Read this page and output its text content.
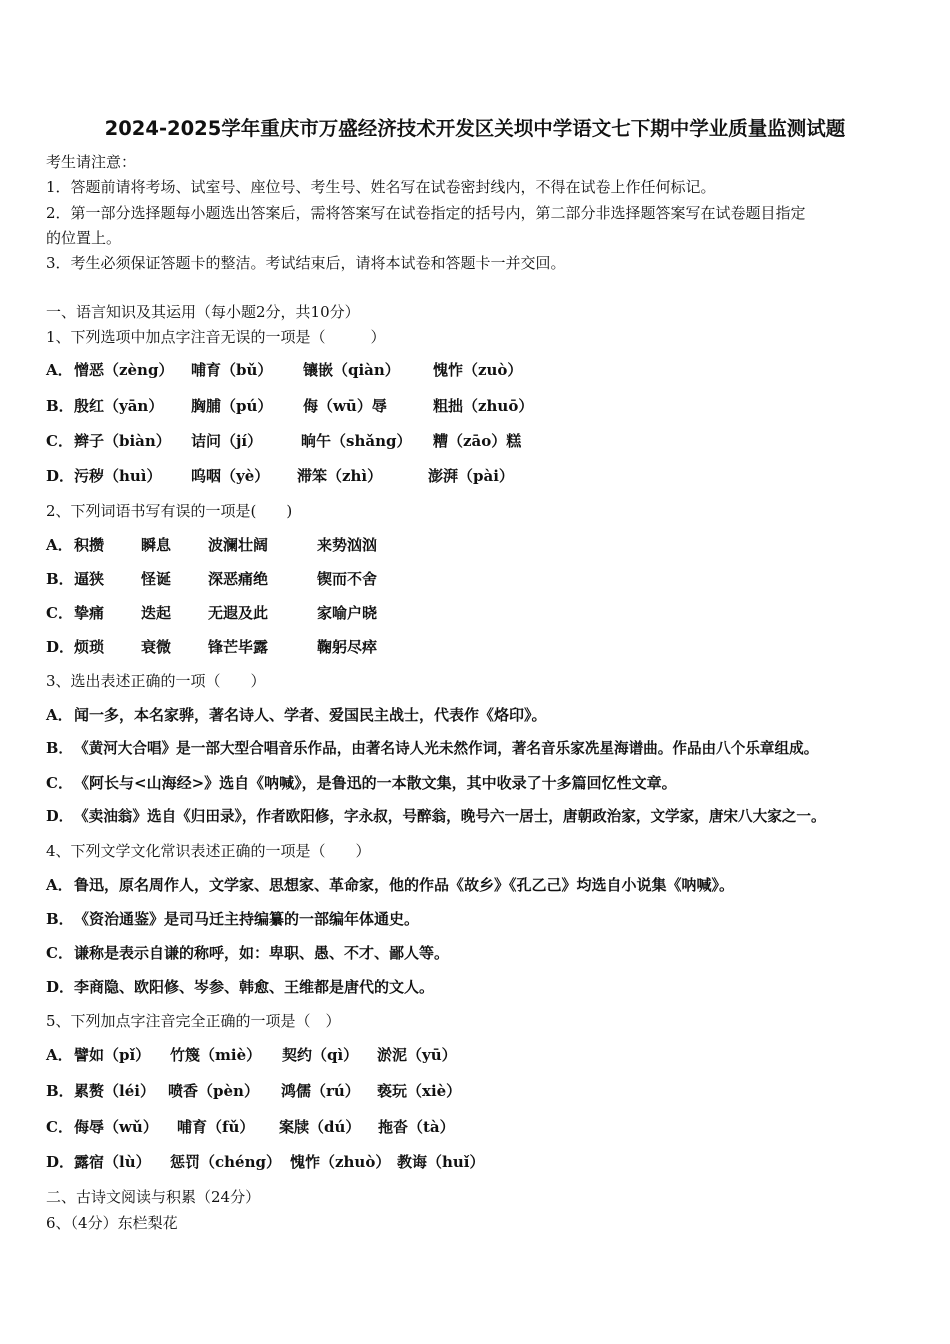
2024-2025学年重庆市万盛经济技术开发区关坝中学语文七下期中学业质量监测试题
考生请注意：
1．答题前请将考场、试室号、座位号、考生号、姓名写在试卷密封线内，不得在试卷上作任何标记。
2．第一部分选择题每小题选出答案后，需将答案写在试卷指定的括号内，第二部分非选择题答案写在试卷题目指定
的位置上。
3．考生必须保证答题卡的整洁。考试结束后，请将本试卷和答题卡一并交回。
一、语言知识及其运用（每小题2分，共10分）
1、下列选项中加点字注音无误的一项是（　　　）
A． 憎恶（zèng） 哺育（bǔ） 镶嵌（qiàn） 愧怍（zuò）
B． 殷红（yān） 胸脯（pú） 侮（wū）辱	粗拙（zhuō）
C． 辫子（biàn） 诘问（jí）	晌午（shǎng） 糟（zāo）糕
D． 污秽（huì） 呜咽（yè） 滞笨（zhì）	澎湃（pài）
2、下列词语书写有误的一项是(　　)
A． 积攒 瞬息 波澜壮阔	来势汹汹
B． 逼狭 怪诞 深恶痛绝	锲而不舍
C． 挚痛 迭起 无遐及此	家喻户晓
D． 烦琐 衰微 锋芒毕露	鞠躬尽瘁
3、选出表述正确的一项（　　）
A．闻一多，本名家骅，著名诗人、学者、爱国民主战士，代表作《烙印》。
B．《黄河大合唱》是一部大型合唱音乐作品，由著名诗人光未然作词，著名音乐家冼星海谱曲。作品由八个乐章组成。
C．《阿长与<山海经>》选自《呐喊》，是鲁迅的一本散文集，其中收录了十多篇回忆性文章。
D．《卖油翁》选自《归田录》，作者欧阳修，字永叔，号醉翁，晚号六一居士，唐朝政治家，文学家，唐宋八大家之一。
4、下列文学文化常识表述正确的一项是（　　）
A．鲁迅，原名周作人，文学家、思想家、革命家，他的作品《故乡》《孔乙己》均选自小说集《呐喊》。
B．《资治通鉴》是司马迁主持编纂的一部编年体通史。
C．谦称是表示自谦的称呼，如：卑职、愚、不才、鄙人等。
D．李商隐、欧阳修、岑参、韩愈、王维都是唐代的文人。
5、下列加点字注音完全正确的一项是（　）
A． 譬如（pǐ） 竹篾（miè） 契约（qì） 淤泥（yū）
B． 累赘（léi） 喷香（pèn） 鸿儒（rú） 亵玩（xiè）
C． 侮辱（wǔ） 哺育（fǔ） 案牍（dú） 拖沓（tà）
D． 露宿（lù） 惩罚（chéng） 愧怍（zhuò） 教诲（huǐ）
二、古诗文阅读与积累（24分）
6、（4分）东栏梨花
